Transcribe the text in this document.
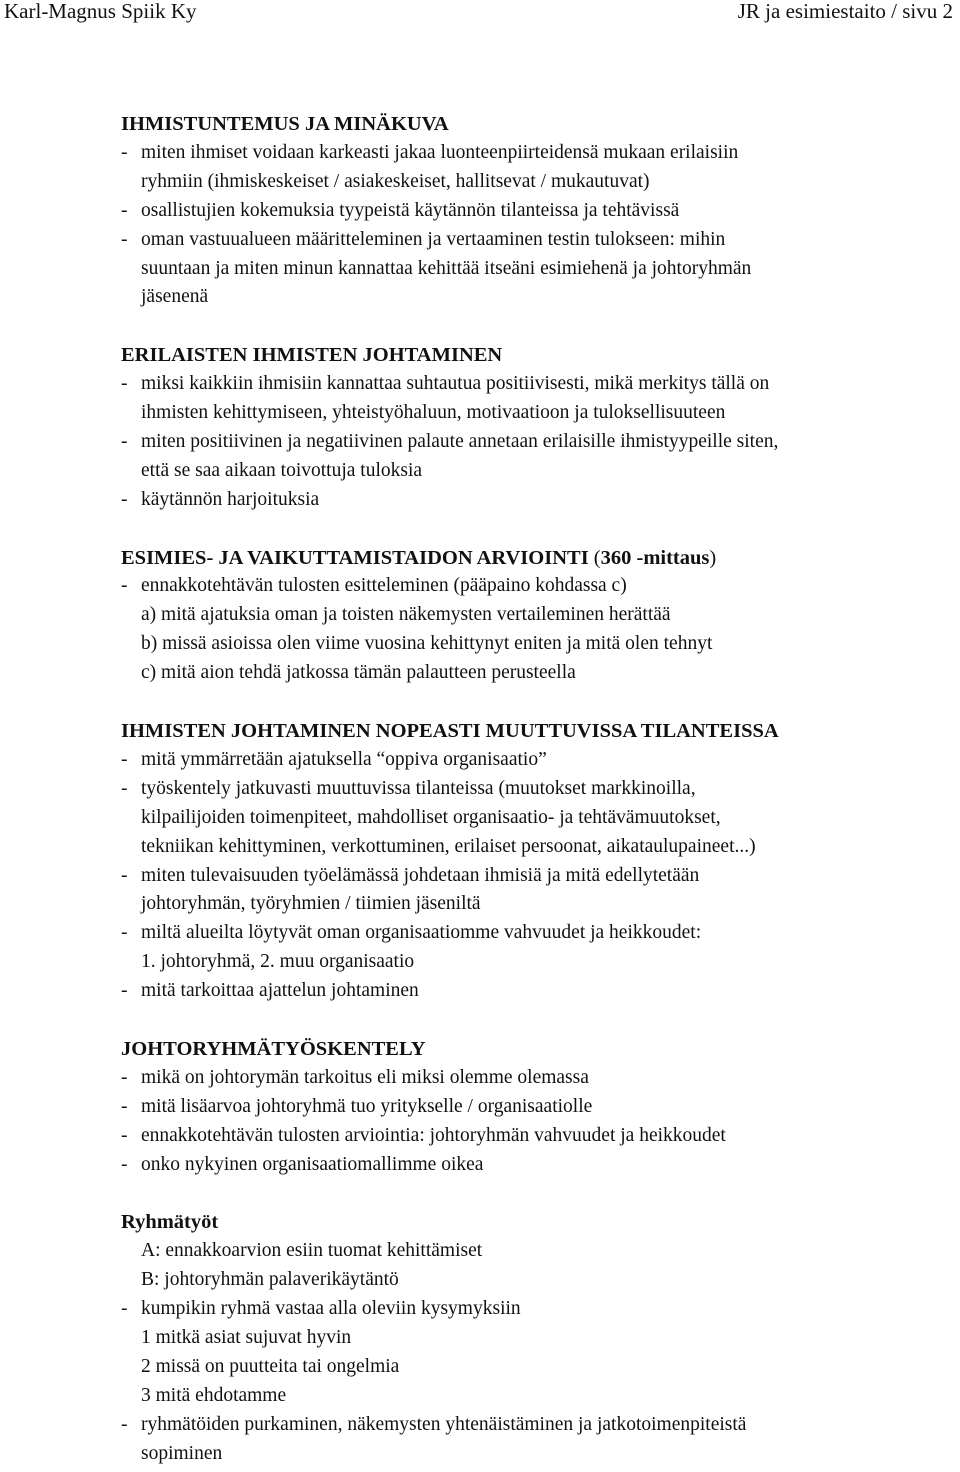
Karl-Magnus Spiik Ky	JR ja esimiestaito / sivu 2

IHMISTUNTEMUS JA MINÄKUVA

- miten ihmiset voidaan karkeasti jakaa luonteenpiirteidensä mukaan erilaisiin
ryhmiin (ihmiskeskeiset / asiakeskeiset, hallitsevat / mukautuvat)
- osallistujien kokemuksia tyypeistä käytännön tilanteissa ja tehtävissä
- oman vastuualueen määritteleminen ja vertaaminen testin tulokseen: mihin
suuntaan ja miten minun kannattaa kehittää itseäni esimiehenä ja johtoryhmän
jäsenenä

ERILAISTEN IHMISTEN JOHTAMINEN

- miksi kaikkiin ihmisiin kannattaa suhtautua positiivisesti, mikä merkitys tällä on
ihmisten kehittymiseen, yhteistyöhaluun, motivaatioon ja tuloksellisuuteen
- miten positiivinen ja negatiivinen palaute annetaan erilaisille ihmistyypeille siten,
että se saa aikaan toivottuja tuloksia
- käytännön harjoituksia

ESIMIES- JA VAIKUTTAMISTAIDON ARVIOINTI (360 -mittaus)

- ennakkotehtävän tulosten esitteleminen (pääpaino kohdassa c)
a) mitä ajatuksia oman ja toisten näkemysten vertaileminen herättää
b) missä asioissa olen viime vuosina kehittynyt eniten ja mitä olen tehnyt
c) mitä aion tehdä jatkossa tämän palautteen perusteella

IHMISTEN JOHTAMINEN NOPEASTI MUUTTUVISSA TILANTEISSA

- mitä ymmärretään ajatuksella “oppiva organisaatio”
- työskentely jatkuvasti muuttuvissa tilanteissa (muutokset markkinoilla,
kilpailijoiden toimenpiteet, mahdolliset organisaatio- ja tehtävämuutokset,
tekniikan kehittyminen, verkottuminen, erilaiset persoonat, aikataulupaineet...)
- miten tulevaisuuden työelämässä johdetaan ihmisiä ja mitä edellytetään
johtoryhmän, työryhmien / tiimien jäseniltä
- miltä alueilta löytyvät oman organisaatiomme vahvuudet ja heikkoudet:
1. johtoryhmä, 2. muu organisaatio
- mitä tarkoittaa ajattelun johtaminen

JOHTORYHMÄTYÖSKENTELY

- mikä on johtorymän tarkoitus eli miksi olemme olemassa
- mitä lisäarvoa johtoryhmä tuo yritykselle / organisaatiolle
- ennakkotehtävän tulosten arviointia: johtoryhmän vahvuudet ja heikkoudet
- onko nykyinen organisaatiomallimme oikea

Ryhmätyöt

A: ennakkoarvion esiin tuomat kehittämiset
B: johtoryhmän palaverikäytäntö
- kumpikin ryhmä vastaa alla oleviin kysymyksiin
1 mitkä asiat sujuvat hyvin
2 missä on puutteita tai ongelmia
3 mitä ehdotamme
- ryhmätöiden purkaminen, näkemysten yhtenäistäminen ja jatkotoimenpiteistä
sopiminen
